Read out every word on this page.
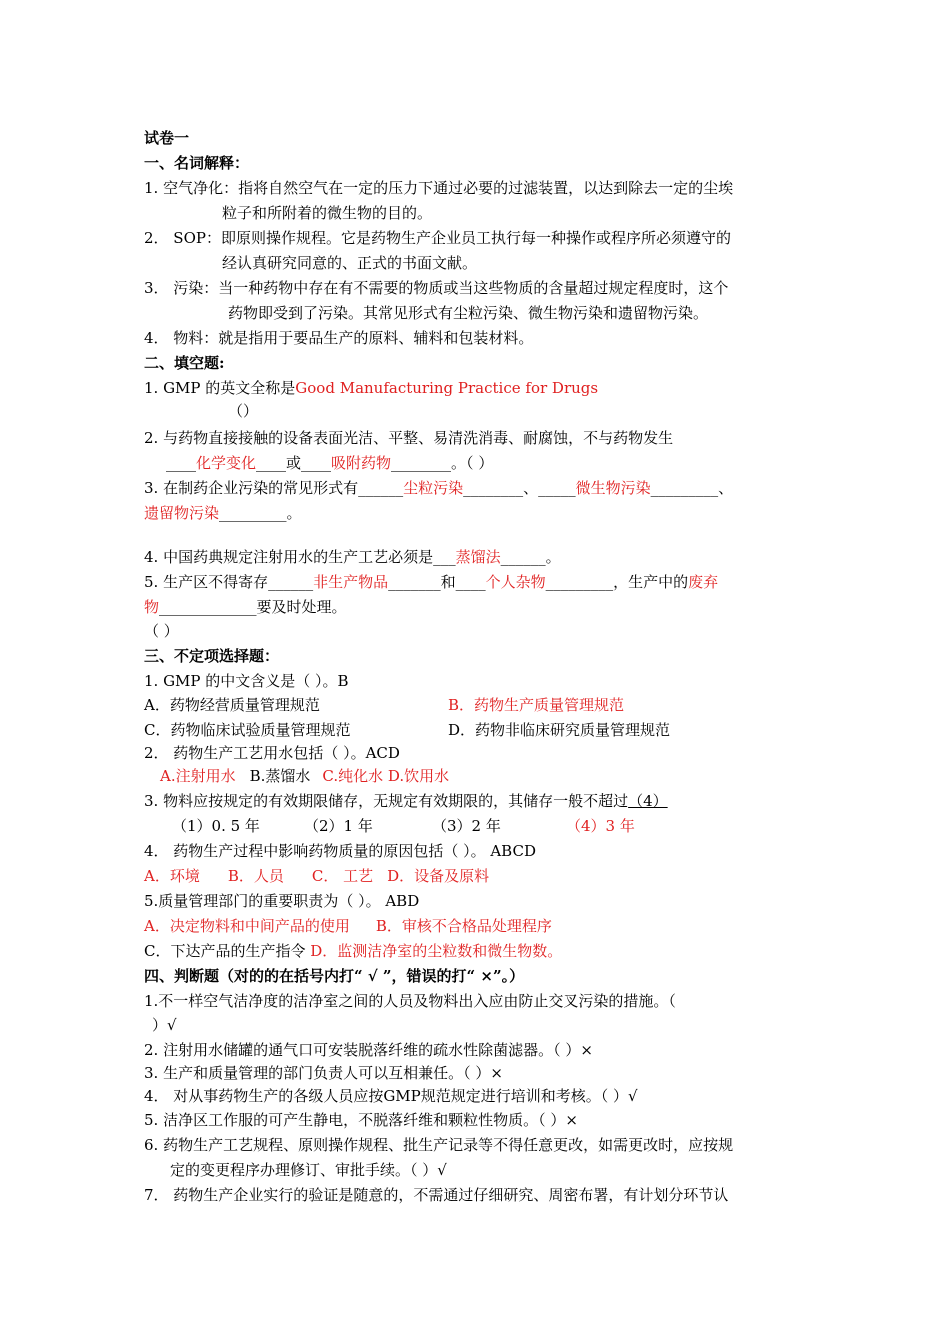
试卷一
一、名词解释：
1. 空气净化：指将自然空气在一定的压力下通过必要的过滤装置，以达到除去一定的尘埃
粒子和所附着的微生物的目的。
2． SOP：即原则操作规程。它是药物生产企业员工执行每一种操作或程序所必须遵守的
经认真研究同意的、正式的书面文献。
3． 污染：当一种药物中存在有不需要的物质或当这些物质的含量超过规定程度时，这个
药物即受到了污染。其常见形式有尘粒污染、微生物污染和遗留物污染。
4． 物料：就是指用于要品生产的原料、辅料和包装材料。
二、填空题:
1. GMP 的英文全称是Good Manufacturing Practice for Drugs
（）
2. 与药物直接接触的设备表面光洁、平整、易清洗消毒、耐腐蚀，不与药物发生
____化学变化____或____吸附药物________。（ ）
3. 在制药企业污染的常见形式有______尘粒污染________、_____微生物污染_________、
遗留物污染_________。
4. 中国药典规定注射用水的生产工艺必须是___蒸馏法______。
5. 生产区不得寄存______非生产物品_______和____个人杂物_________，生产中的废弃
物_____________要及时处理。
（ ）
三、不定项选择题：
1. GMP 的中文含义是（ ）。B
A．药物经营质量管理规范	B．药物生产质量管理规范
C．药物临床试验质量管理规范	D．药物非临床研究质量管理规范
2． 药物生产工艺用水包括（ ）。ACD
A.注射用水 B.蒸馏水 C.纯化水 D.饮用水
3. 物料应按规定的有效期限储存，无规定有效期限的，其储存一般不超过（4）
（1）0. 5 年	（2）1 年	（3）2 年	（4）3 年
4． 药物生产过程中影响药物质量的原因包括（ ）。 ABCD
A．环境 B．人员 C． 工艺 D．设备及原料
5.质量管理部门的重要职责为（ ）。 ABD
A．决定物料和中间产品的使用 B．审核不合格品处理程序
C．下达产品的生产指令 D．监测洁净室的尘粒数和微生物数。
四、判断题（对的的在括号内打“ √ ”，错误的打“ ×”。）
1.不一样空气洁净度的洁净室之间的人员及物料出入应由防止交叉污染的措施。（
）√
2. 注射用水储罐的通气口可安装脱落纤维的疏水性除菌滤器。（ ）×
3. 生产和质量管理的部门负责人可以互相兼任。（ ）×
4． 对从事药物生产的各级人员应按GMP规范规定进行培训和考核。（ ）√
5. 洁净区工作服的可产生静电，不脱落纤维和颗粒性物质。（ ）×
6. 药物生产工艺规程、原则操作规程、批生产记录等不得任意更改，如需更改时，应按规
定的变更程序办理修订、审批手续。（ ）√
7． 药物生产企业实行的验证是随意的，不需通过仔细研究、周密布署，有计划分环节认
